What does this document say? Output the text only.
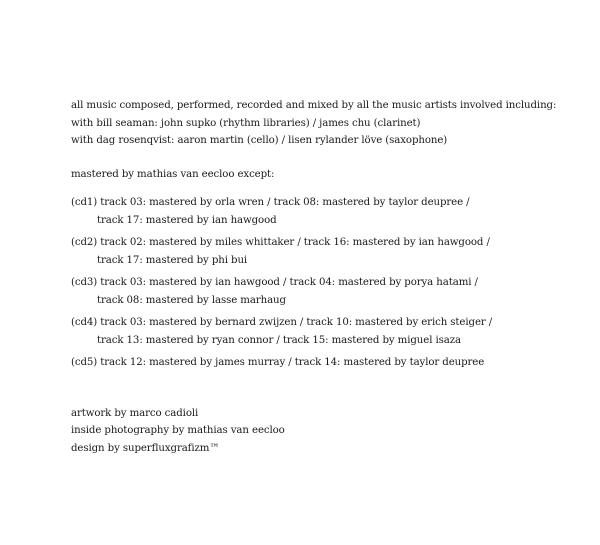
all music composed, performed, recorded and mixed by all the music artists involved including:
with bill seaman: john supko (rhythm libraries) / james chu (clarinet)
with dag rosenqvist: aaron martin (cello) / lisen rylander löve (saxophone)
mastered by mathias van eecloo except:
(cd1) track 03: mastered by orla wren / track 08: mastered by taylor deupree /
track 17: mastered by ian hawgood
(cd2) track 02: mastered by miles whittaker / track 16: mastered by ian hawgood /
track 17: mastered by phi bui
(cd3) track 03: mastered by ian hawgood / track 04: mastered by porya hatami /
track 08: mastered by lasse marhaug
(cd4) track 03: mastered by bernard zwijzen / track 10: mastered by erich steiger /
track 13: mastered by ryan connor / track 15: mastered by miguel isaza
(cd5) track 12: mastered by james murray / track 14: mastered by taylor deupree
artwork by marco cadioli
inside photography by mathias van eecloo
design by superfluxgrafizm™
